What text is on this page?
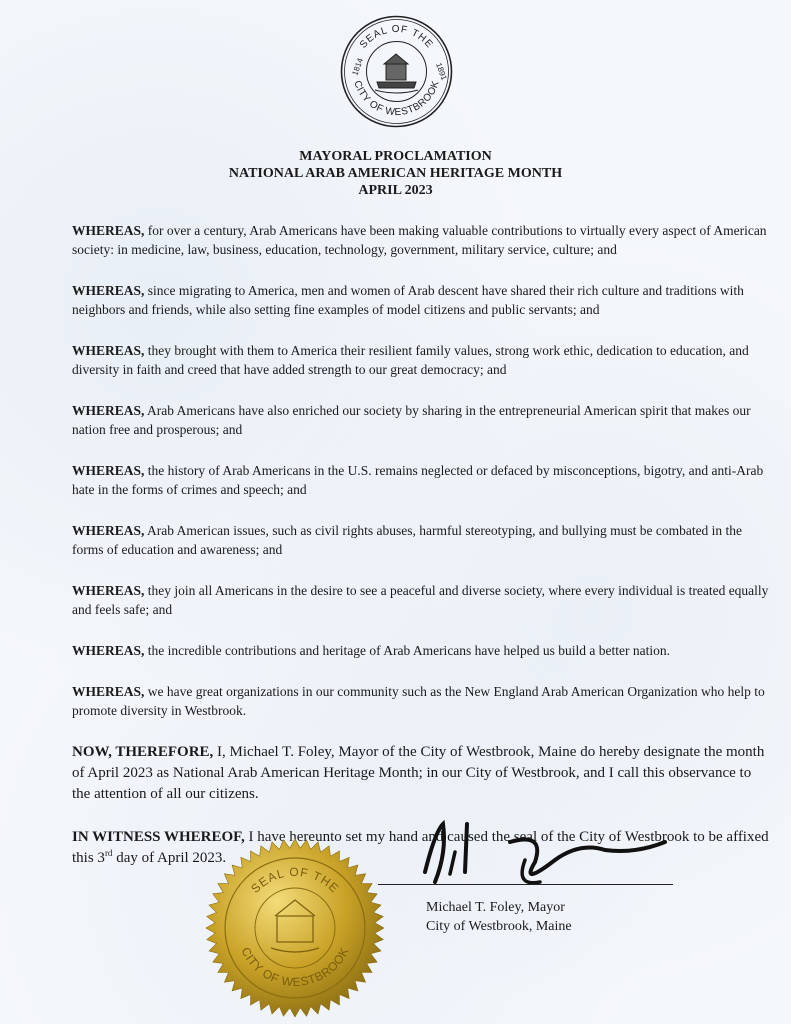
SEAL OF THE
CITY OF WESTBROOK
1814	1891
MAYORAL PROCLAMATION
NATIONAL ARAB AMERICAN HERITAGE MONTH
APRIL 2023

WHEREAS, for over a century, Arab Americans have been making valuable contributions to virtually every aspect of American society: in medicine, law, business, education, technology, government, military service, culture; and

WHEREAS, since migrating to America, men and women of Arab descent have shared their rich culture and traditions with neighbors and friends, while also setting fine examples of model citizens and public servants; and

WHEREAS, they brought with them to America their resilient family values, strong work ethic, dedication to education, and diversity in faith and creed that have added strength to our great democracy; and

WHEREAS, Arab Americans have also enriched our society by sharing in the entrepreneurial American spirit that makes our nation free and prosperous; and

WHEREAS, the history of Arab Americans in the U.S. remains neglected or defaced by misconceptions, bigotry, and anti-Arab hate in the forms of crimes and speech; and

WHEREAS, Arab American issues, such as civil rights abuses, harmful stereotyping, and bullying must be combated in the forms of education and awareness; and

WHEREAS, they join all Americans in the desire to see a peaceful and diverse society, where every individual is treated equally and feels safe; and

WHEREAS, the incredible contributions and heritage of Arab Americans have helped us build a better nation.

WHEREAS, we have great organizations in our community such as the New England Arab American Organization who help to promote diversity in Westbrook.

NOW, THEREFORE, I, Michael T. Foley, Mayor of the City of Westbrook, Maine do hereby designate the month of April 2023 as National Arab American Heritage Month; in our City of Westbrook, and I call this observance to the attention of all our citizens.

IN WITNESS WHEREOF, I have hereunto set my hand and caused the seal of the City of Westbrook to be affixed this 3rd day of April 2023.

SEAL OF THE
CITY OF WESTBROOK
Michael T. Foley, Mayor
City of Westbrook, Maine
